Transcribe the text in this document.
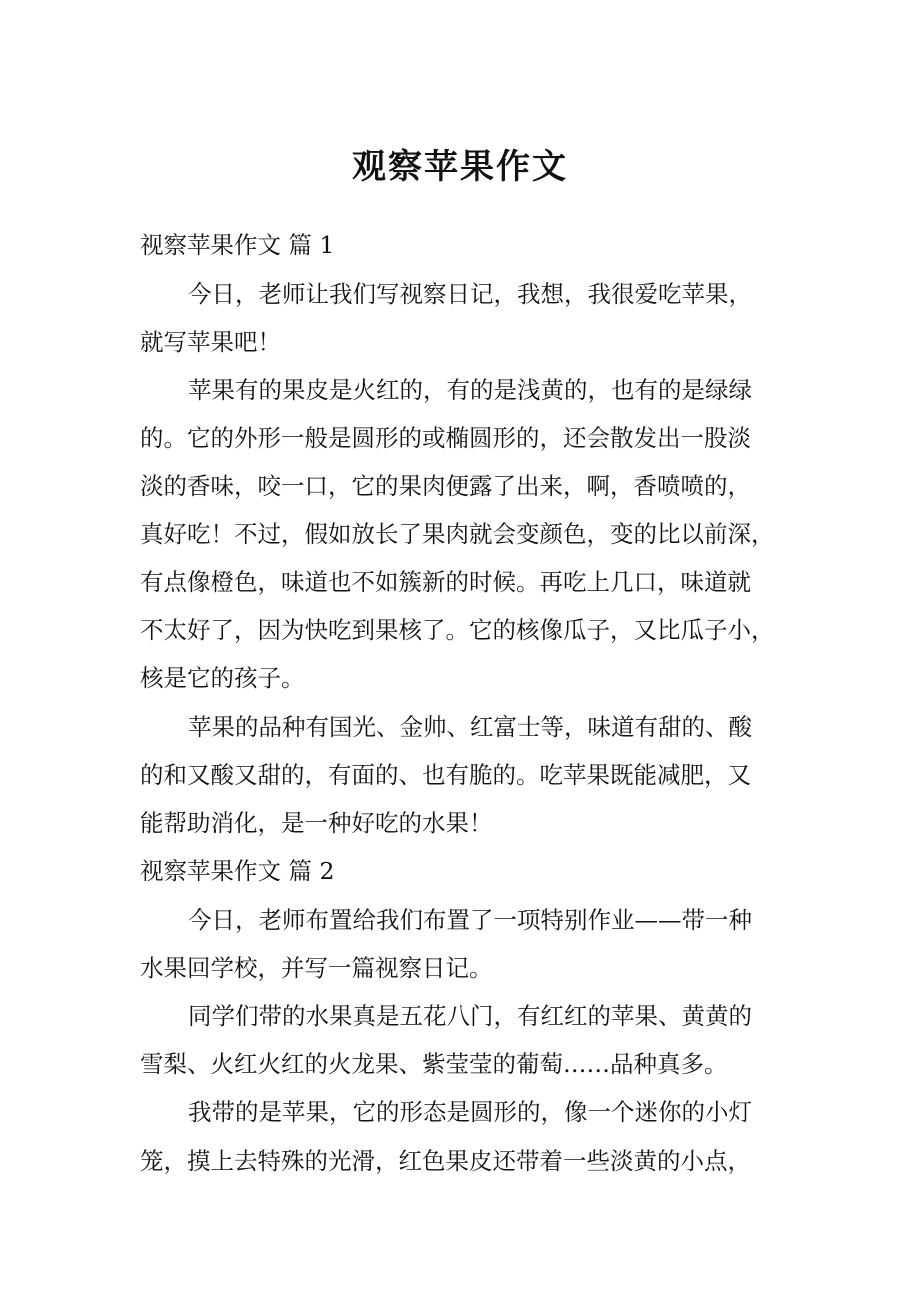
观察苹果作文

视察苹果作文 篇 1

今日，老师让我们写视察日记，我想，我很爱吃苹果，

就写苹果吧！

苹果有的果皮是火红的，有的是浅黄的，也有的是绿绿

的。它的外形一般是圆形的或椭圆形的，还会散发出一股淡

淡的香味，咬一口，它的果肉便露了出来，啊，香喷喷的，

真好吃！不过，假如放长了果肉就会变颜色，变的比以前深，

有点像橙色，味道也不如簇新的时候。再吃上几口，味道就

不太好了，因为快吃到果核了。它的核像瓜子，又比瓜子小，

核是它的孩子。

苹果的品种有国光、金帅、红富士等，味道有甜的、酸

的和又酸又甜的，有面的、也有脆的。吃苹果既能减肥，又

能帮助消化，是一种好吃的水果！

视察苹果作文 篇 2

今日，老师布置给我们布置了一项特别作业——带一种

水果回学校，并写一篇视察日记。

同学们带的水果真是五花八门，有红红的苹果、黄黄的

雪梨、火红火红的火龙果、紫莹莹的葡萄……品种真多。

我带的是苹果，它的形态是圆形的，像一个迷你的小灯

笼，摸上去特殊的光滑，红色果皮还带着一些淡黄的小点，
